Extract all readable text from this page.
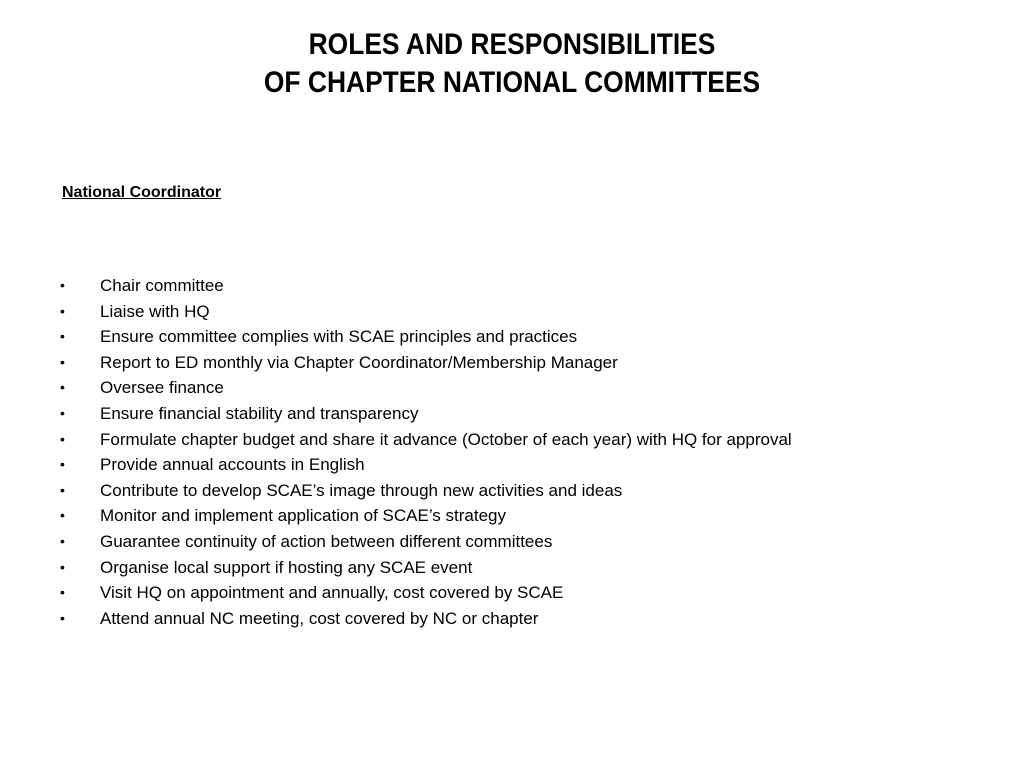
ROLES AND RESPONSIBILITIES
OF CHAPTER NATIONAL COMMITTEES
National Coordinator
• Chair committee
• Liaise with HQ
• Ensure committee complies with SCAE principles and practices
• Report to ED monthly via Chapter Coordinator/Membership Manager
• Oversee finance
• Ensure financial stability and transparency
• Formulate chapter budget and share it advance (October of each year) with HQ for approval
• Provide annual accounts in English
• Contribute to develop SCAE’s image through new activities and ideas
• Monitor and implement application of SCAE’s strategy
• Guarantee continuity of action between different committees
• Organise local support if hosting any SCAE event
• Visit HQ on appointment and annually, cost covered by SCAE
• Attend annual NC meeting, cost covered by NC or chapter
